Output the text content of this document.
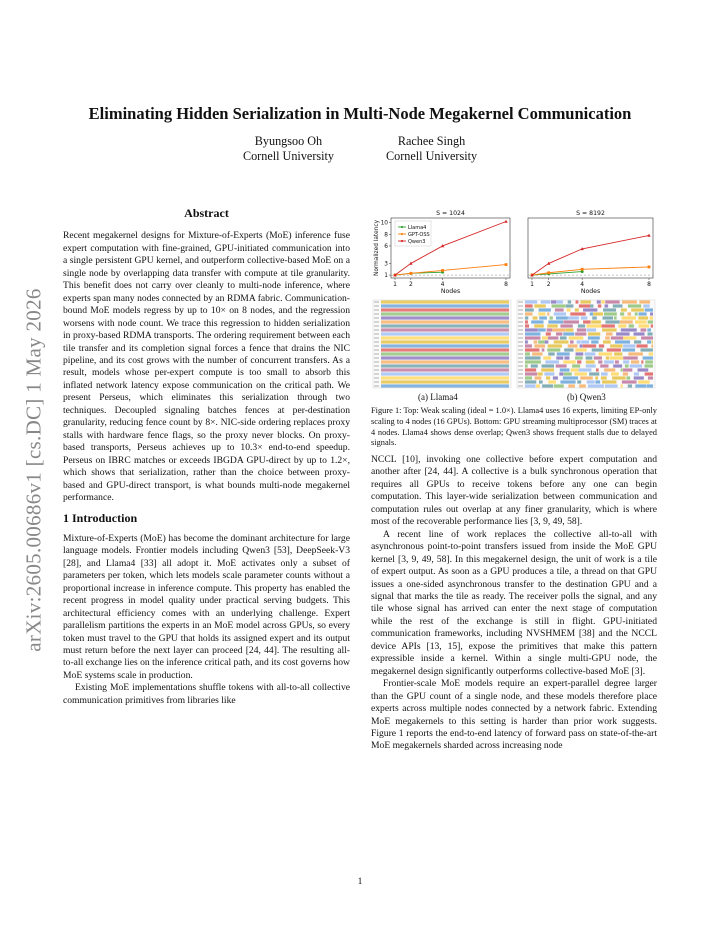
arXiv:2605.00686v1 [cs.DC] 1 May 2026
Eliminating Hidden Serialization in Multi-Node Megakernel Communication
Byungsoo Oh
Cornell University
Rachee Singh
Cornell University
Abstract
Recent megakernel designs for Mixture-of-Experts (MoE) inference fuse expert computation with fine-grained, GPU-initiated communication into a single persistent GPU kernel, and outperform collective-based MoE on a single node by overlapping data transfer with compute at tile granularity. This benefit does not carry over cleanly to multi-node inference, where experts span many nodes connected by an RDMA fabric. Communication-bound MoE models regress by up to 10× on 8 nodes, and the regression worsens with node count. We trace this regression to hidden serialization in proxy-based RDMA transports. The ordering requirement between each tile transfer and its completion signal forces a fence that drains the NIC pipeline, and its cost grows with the number of concurrent transfers. As a result, models whose per-expert compute is too small to absorb this inflated network latency expose communication on the critical path. We present Perseus, which eliminates this serialization through two techniques. Decoupled signaling batches fences at per-destination granularity, reducing fence count by 8×. NIC-side ordering replaces proxy stalls with hardware fence flags, so the proxy never blocks. On proxy-based transports, Perseus achieves up to 10.3× end-to-end speedup. Perseus on IBRC matches or exceeds IBGDA GPU-direct by up to 1.2×, which shows that serialization, rather than the choice between proxy-based and GPU-direct transport, is what bounds multi-node megakernel performance.
1 Introduction

Mixture-of-Experts (MoE) has become the dominant architecture for large language models. Frontier models including Qwen3 [53], DeepSeek-V3 [28], and Llama4 [33] all adopt it. MoE activates only a subset of parameters per token, which lets models scale parameter counts without a proportional increase in inference compute. This property has enabled the recent progress in model quality under practical serving budgets. This architectural efficiency comes with an underlying challenge. Expert parallelism partitions the experts in an MoE model across GPUs, so every token must travel to the GPU that holds its assigned expert and its output must return before the next layer can proceed [24, 44]. The resulting all-to-all exchange lies on the inference critical path, and its cost governs how MoE systems scale in production.

Existing MoE implementations shuffle tokens with all-to-all collective communication primitives from libraries like

S = 1024
1 2	4	8
Nodes
1
3
6
8
10
Normalized latency	Llama4
GPT-OSS
Qwen3
S = 8192
1 2	4	8
Nodes
(a) Llama4	(b) Qwen3
Figure 1: Top: Weak scaling (ideal = 1.0×). Llama4 uses 16 experts, limiting EP-only scaling to 4 nodes (16 GPUs). Bottom: GPU streaming multiprocessor (SM) traces at 4 nodes. Llama4 shows dense overlap; Qwen3 shows frequent stalls due to delayed signals.

NCCL [10], invoking one collective before expert computation and another after [24, 44]. A collective is a bulk synchronous operation that requires all GPUs to receive tokens before any one can begin computation. This layer-wide serialization between communication and computation rules out overlap at any finer granularity, which is where most of the recoverable performance lies [3, 9, 49, 58].

A recent line of work replaces the collective all-to-all with asynchronous point-to-point transfers issued from inside the MoE GPU kernel [3, 9, 49, 58]. In this megakernel design, the unit of work is a tile of expert output. As soon as a GPU produces a tile, a thread on that GPU issues a one-sided asynchronous transfer to the destination GPU and a signal that marks the tile as ready. The receiver polls the signal, and any tile whose signal has arrived can enter the next stage of computation while the rest of the exchange is still in flight. GPU-initiated communication frameworks, including NVSHMEM [38] and the NCCL device APIs [13, 15], expose the primitives that make this pattern expressible inside a kernel. Within a single multi-GPU node, the megakernel design significantly outperforms collective-based MoE [3].

Frontier-scale MoE models require an expert-parallel degree larger than the GPU count of a single node, and these models therefore place experts across multiple nodes connected by a network fabric. Extending MoE megakernels to this setting is harder than prior work suggests. Figure 1 reports the end-to-end latency of forward pass on state-of-the-art MoE megakernels sharded across increasing node

1
